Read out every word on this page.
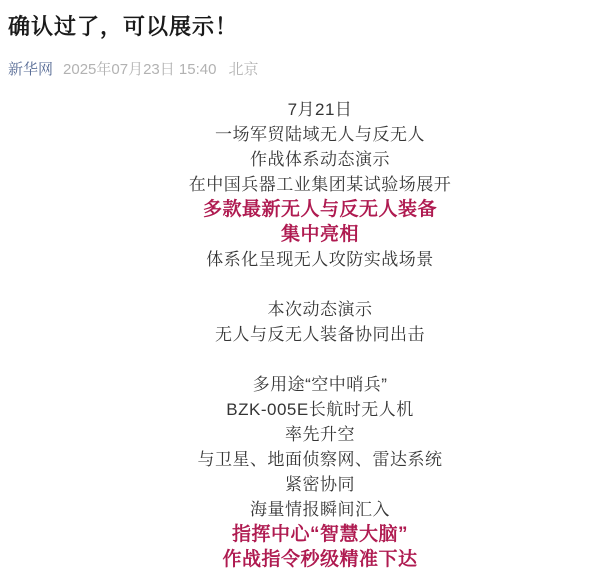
确认过了，可以展示！
新华网 2025年07月23日 15:40 北京

7月21日

一场军贸陆域无人与反无人

作战体系动态演示

在中国兵器工业集团某试验场展开

多款最新无人与反无人装备

集中亮相

体系化呈现无人攻防实战场景

本次动态演示

无人与反无人装备协同出击

多用途“空中哨兵”

BZK-005E长航时无人机

率先升空

与卫星、地面侦察网、雷达系统

紧密协同

海量情报瞬间汇入

指挥中心“智慧大脑”

作战指令秒级精准下达
